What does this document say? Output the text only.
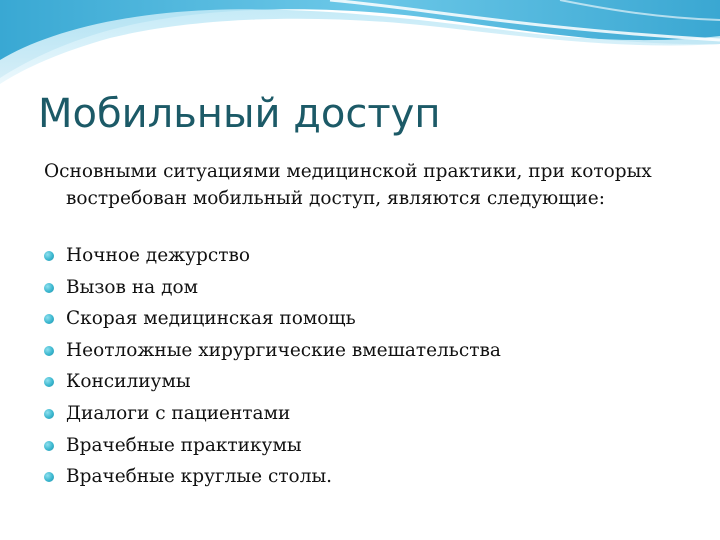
Мобильный доступ

Основными ситуациями медицинской практики, при которых востребован мобильный доступ, являются следующие:

Ночное дежурство
Вызов на дом
Скорая медицинская помощь
Неотложные хирургические вмешательства
Консилиумы
Диалоги с пациентами
Врачебные практикумы
Врачебные круглые столы.
